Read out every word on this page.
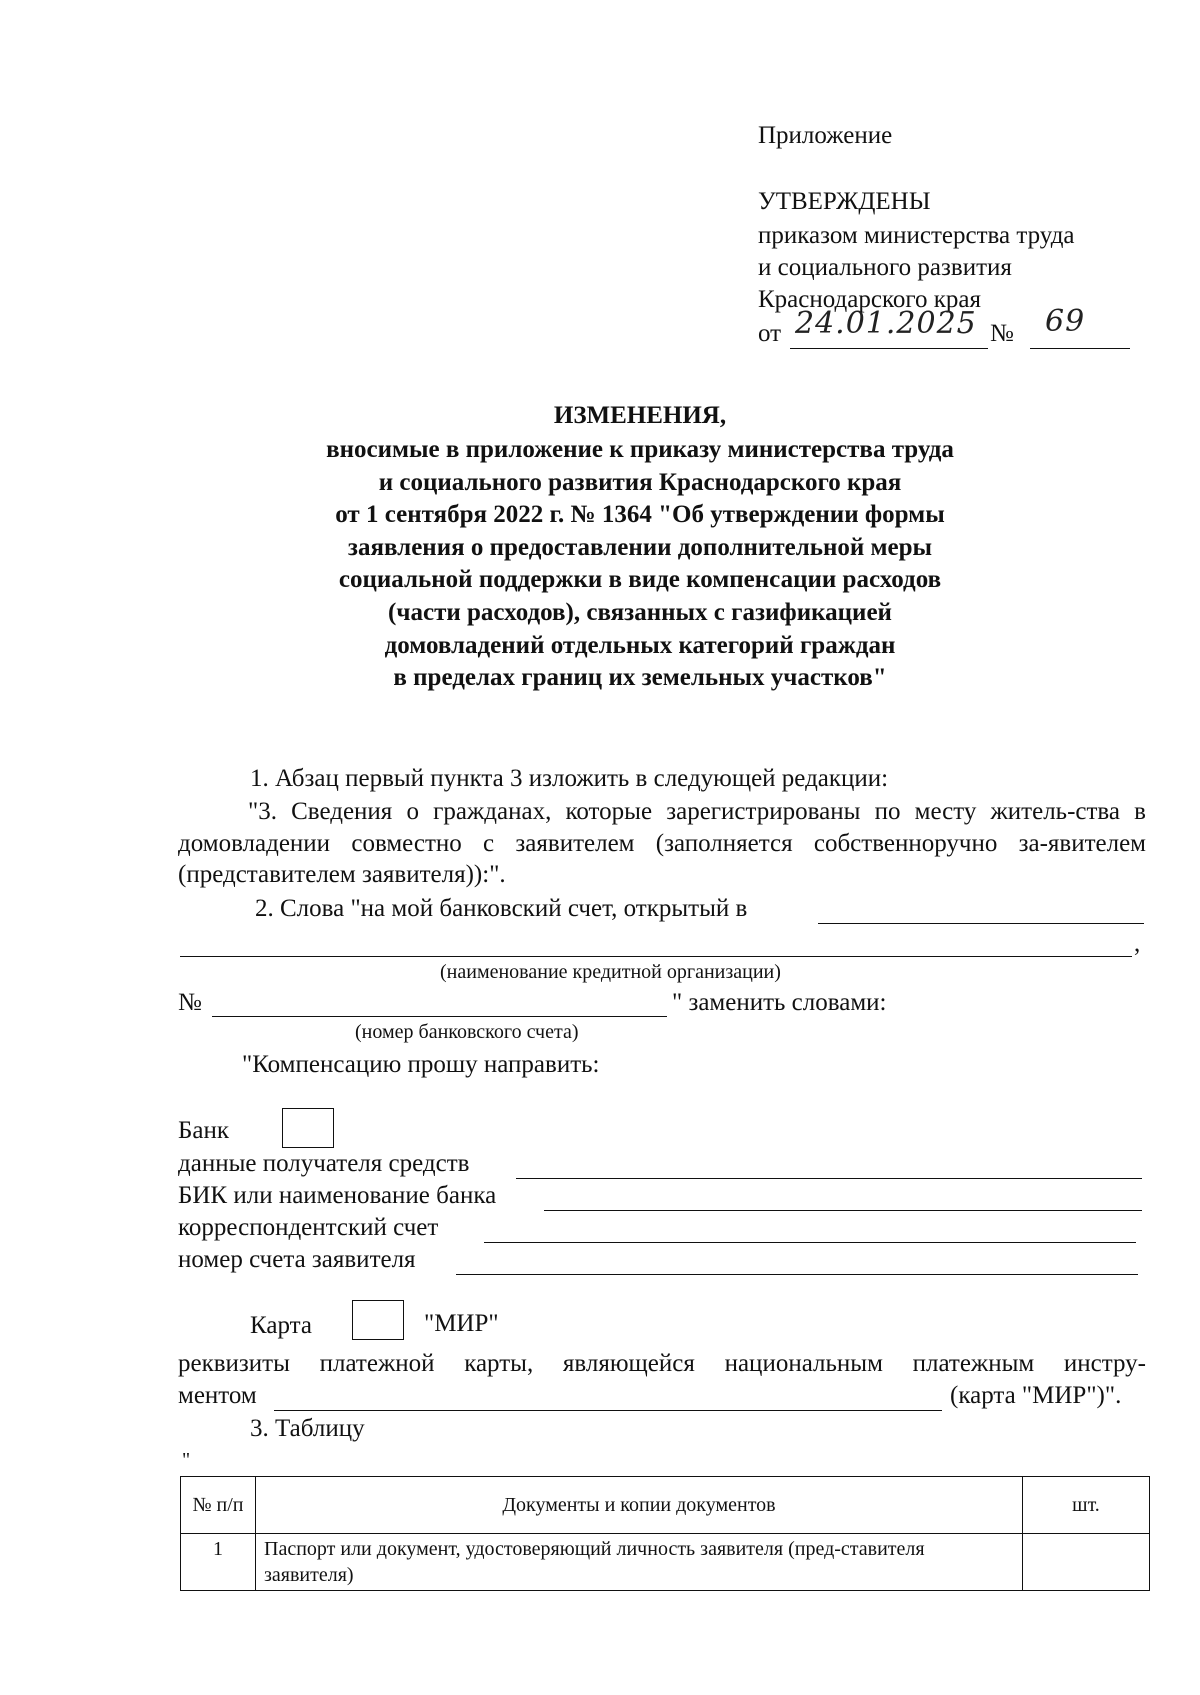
Приложение
УТВЕРЖДЕНЫ
приказом министерства труда
и социального развития
Краснодарского края
от 24.01.2025 № 69
ИЗМЕНЕНИЯ,
вносимые в приложение к приказу министерства труда
и социального развития Краснодарского края
от 1 сентября 2022 г. № 1364 "Об утверждении формы
заявления о предоставлении дополнительной меры
социальной поддержки в виде компенсации расходов
(части расходов), связанных с газификацией
домовладений отдельных категорий граждан
в пределах границ их земельных участков"
1. Абзац первый пункта 3 изложить в следующей редакции:
"3. Сведения о гражданах, которые зарегистрированы по месту житель-ства в домовладении совместно с заявителем (заполняется собственноручно за-явителем (представителем заявителя)):".
2. Слова "на мой банковский счет, открытый в
,
(наименование кредитной организации)
№	" заменить словами:
(номер банковского счета)
"Компенсацию прошу направить:
Банк
данные получателя средств
БИК или наименование банка
корреспондентский счет
номер счета заявителя
Карта	"МИР"
реквизиты платежной карты, являющейся национальным платежным инстру-
ментом	(карта "МИР")".
3. Таблицу
"
№ п/п	Документы и копии документов	шт.
1	Паспорт или документ, удостоверяющий личность заявителя (пред-ставителя заявителя)	
